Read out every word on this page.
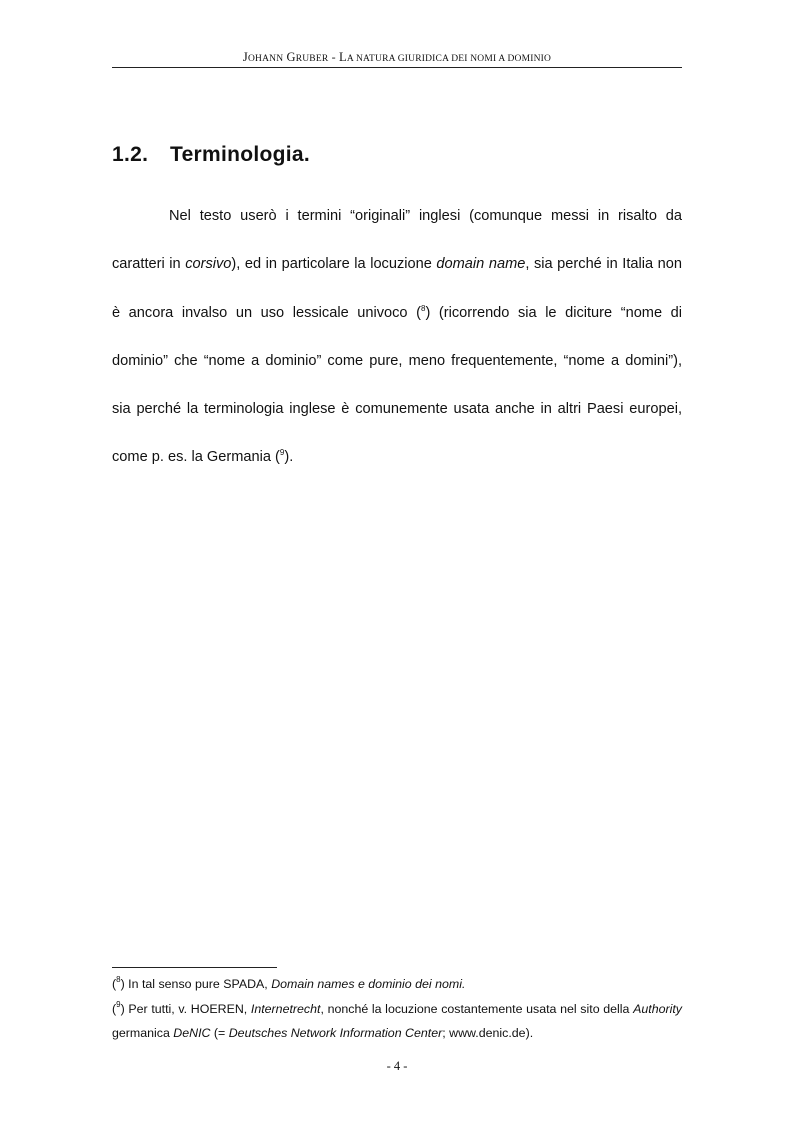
JOHANN GRUBER - LA NATURA GIURIDICA DEI NOMI A DOMINIO
1.2. Terminologia.

Nel testo userò i termini “originali” inglesi (comunque messi in risalto da caratteri in corsivo), ed in particolare la locuzione domain name, sia perché in Italia non è ancora invalso un uso lessicale univoco ($^8$) (ricorrendo sia le diciture “nome di dominio” che “nome a dominio” come pure, meno frequentemente, “nome a domini”), sia perché la terminologia inglese è comunemente usata anche in altri Paesi europei, come p. es. la Germania ($^9$).

($^8$) In tal senso pure SPADA, Domain names e dominio dei nomi.

($^9$) Per tutti, v. HOEREN, Internetrecht, nonché la locuzione costantemente usata nel sito della Authority germanica DeNIC (= Deutsches Network Information Center; www.denic.de).

- 4 -
